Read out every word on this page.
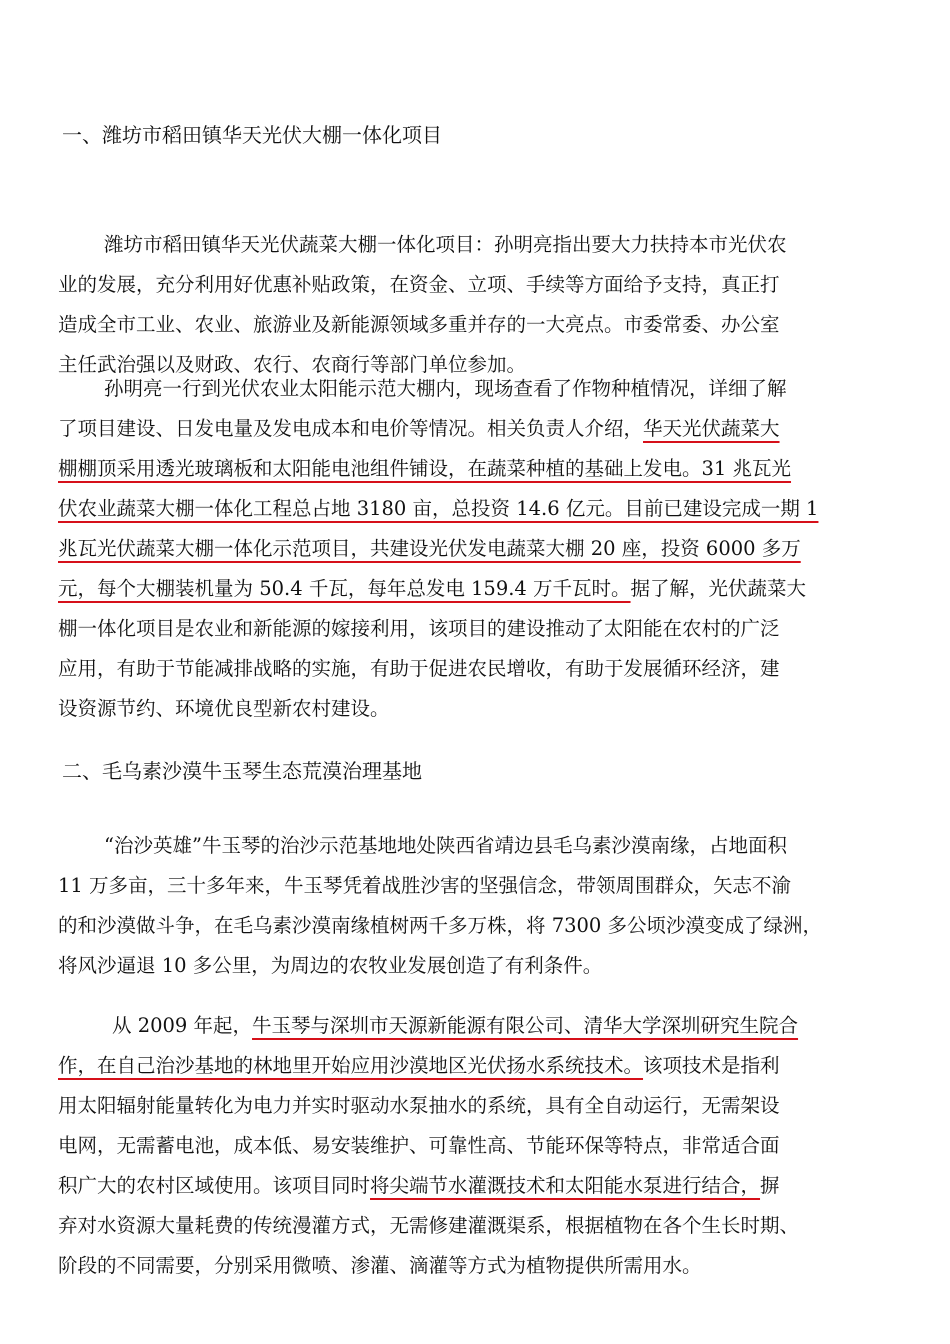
一、潍坊市稻田镇华天光伏大棚一体化项目
潍坊市稻田镇华天光伏蔬菜大棚一体化项目：孙明亮指出要大力扶持本市光伏农
业的发展，充分利用好优惠补贴政策，在资金、立项、手续等方面给予支持，真正打
造成全市工业、农业、旅游业及新能源领域多重并存的一大亮点。市委常委、办公室
主任武治强以及财政、农行、农商行等部门单位参加。
孙明亮一行到光伏农业太阳能示范大棚内，现场查看了作物种植情况，详细了解
了项目建设、日发电量及发电成本和电价等情况。相关负责人介绍，华天光伏蔬菜大
棚棚顶采用透光玻璃板和太阳能电池组件铺设，在蔬菜种植的基础上发电。31 兆瓦光
伏农业蔬菜大棚一体化工程总占地 3180 亩，总投资 14.6 亿元。目前已建设完成一期 1
兆瓦光伏蔬菜大棚一体化示范项目，共建设光伏发电蔬菜大棚 20 座，投资 6000 多万
元，每个大棚装机量为 50.4 千瓦，每年总发电 159.4 万千瓦时。据了解，光伏蔬菜大
棚一体化项目是农业和新能源的嫁接利用，该项目的建设推动了太阳能在农村的广泛
应用，有助于节能减排战略的实施，有助于促进农民增收，有助于发展循环经济，建
设资源节约、环境优良型新农村建设。
二、毛乌素沙漠牛玉琴生态荒漠治理基地
“治沙英雄”牛玉琴的治沙示范基地地处陕西省靖边县毛乌素沙漠南缘，占地面积
11 万多亩，三十多年来，牛玉琴凭着战胜沙害的坚强信念，带领周围群众，矢志不渝
的和沙漠做斗争，在毛乌素沙漠南缘植树两千多万株，将 7300 多公顷沙漠变成了绿洲，
将风沙逼退 10 多公里，为周边的农牧业发展创造了有利条件。
从 2009 年起，牛玉琴与深圳市天源新能源有限公司、清华大学深圳研究生院合
作，在自己治沙基地的林地里开始应用沙漠地区光伏扬水系统技术。该项技术是指利
用太阳辐射能量转化为电力并实时驱动水泵抽水的系统，具有全自动运行，无需架设
电网，无需蓄电池，成本低、易安装维护、可靠性高、节能环保等特点，非常适合面
积广大的农村区域使用。该项目同时将尖端节水灌溉技术和太阳能水泵进行结合，摒
弃对水资源大量耗费的传统漫灌方式，无需修建灌溉渠系，根据植物在各个生长时期、
阶段的不同需要，分别采用微喷、渗灌、滴灌等方式为植物提供所需用水。
